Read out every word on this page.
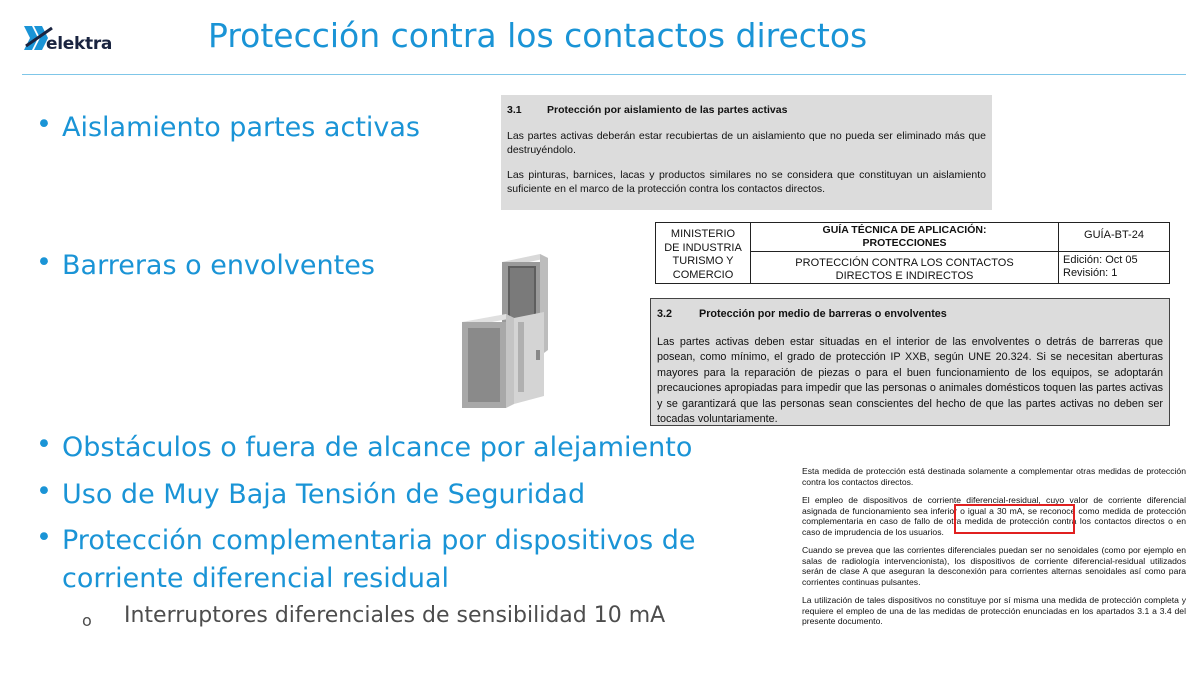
elektra	Protección contra los contactos directos
• Aislamiento partes activas
• Barreras o envolventes
• Obstáculos o fuera de alcance por alejamiento
• Uso de Muy Baja Tensión de Seguridad
• Protección complementaria por dispositivos de corriente diferencial residual
o Interruptores diferenciales de sensibilidad 10 mA
3.1 Protección por aislamiento de las partes activas

Las partes activas deberán estar recubiertas de un aislamiento que no pueda ser eliminado más que destruyéndolo.

Las pinturas, barnices, lacas y productos similares no se considera que constituyan un aislamiento suficiente en el marco de la protección contra los contactos directos.

MINISTERIO
DE INDUSTRIA
TURISMO Y
COMERCIO
GUÍA TÉCNICA DE APLICACIÓN:
PROTECCIONES
PROTECCIÓN CONTRA LOS CONTACTOS
DIRECTOS E INDIRECTOS
GUÍA-BT-24
Edición: Oct 05
Revisión: 1
3.2 Protección por medio de barreras o envolventes

Las partes activas deben estar situadas en el interior de las envolventes o detrás de barreras que posean, como mínimo, el grado de protección IP XXB, según UNE 20.324. Si se necesitan aberturas mayores para la reparación de piezas o para el buen funcionamiento de los equipos, se adoptarán precauciones apropiadas para impedir que las personas o animales domésticos toquen las partes activas y se garantizará que las personas sean conscientes del hecho de que las partes activas no deben ser tocadas voluntariamente.

Esta medida de protección está destinada solamente a complementar otras medidas de protección contra los contactos directos.

El empleo de dispositivos de corriente diferencial-residual, cuyo valor de corriente diferencial asignada de funcionamiento sea inferior o igual a 30 mA, se reconoce como medida de protección complementaria en caso de fallo de otra medida de protección contra los contactos directos o en caso de imprudencia de los usuarios.

Cuando se prevea que las corrientes diferenciales puedan ser no senoidales (como por ejemplo en salas de radiología intervencionista), los dispositivos de corriente diferencial-residual utilizados serán de clase A que aseguran la desconexión para corrientes alternas senoidales así como para corrientes continuas pulsantes.

La utilización de tales dispositivos no constituye por sí misma una medida de protección completa y requiere el empleo de una de las medidas de protección enunciadas en los apartados 3.1 a 3.4 del presente documento.
